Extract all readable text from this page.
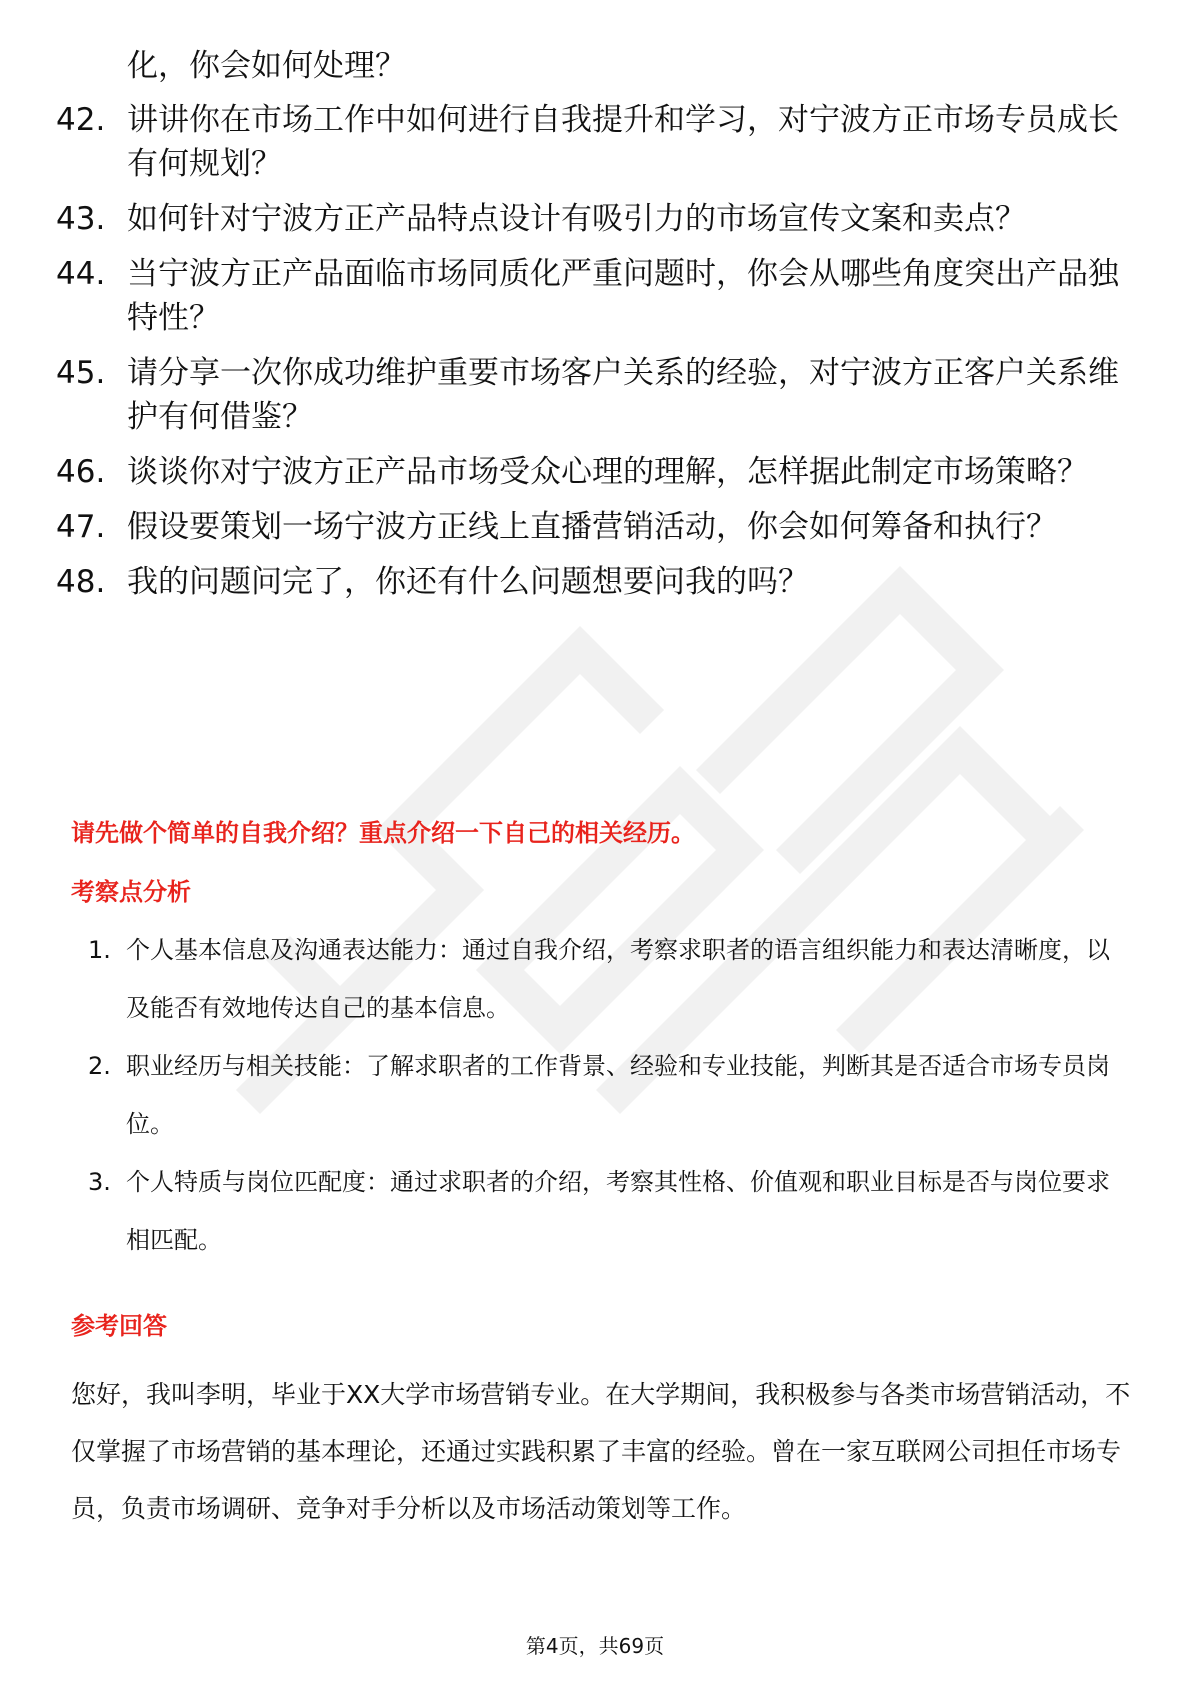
化，你会如何处理？
42. 讲讲你在市场工作中如何进行自我提升和学习，对宁波方正市场专员成长有何规划？
43. 如何针对宁波方正产品特点设计有吸引力的市场宣传文案和卖点？
44. 当宁波方正产品面临市场同质化严重问题时，你会从哪些角度突出产品独特性？
45. 请分享一次你成功维护重要市场客户关系的经验，对宁波方正客户关系维护有何借鉴？
46. 谈谈你对宁波方正产品市场受众心理的理解，怎样据此制定市场策略？
47. 假设要策划一场宁波方正线上直播营销活动，你会如何筹备和执行？
48. 我的问题问完了，你还有什么问题想要问我的吗？
请先做个简单的自我介绍？重点介绍一下自己的相关经历。
考察点分析
1. 个人基本信息及沟通表达能力：通过自我介绍，考察求职者的语言组织能力和表达清晰度，以及能否有效地传达自己的基本信息。
2. 职业经历与相关技能：了解求职者的工作背景、经验和专业技能，判断其是否适合市场专员岗位。
3. 个人特质与岗位匹配度：通过求职者的介绍，考察其性格、价值观和职业目标是否与岗位要求相匹配。
参考回答

您好，我叫李明，毕业于XX大学市场营销专业。在大学期间，我积极参与各类市场营销活动，不仅掌握了市场营销的基本理论，还通过实践积累了丰富的经验。曾在一家互联网公司担任市场专员，负责市场调研、竞争对手分析以及市场活动策划等工作。

第4页，共69页
